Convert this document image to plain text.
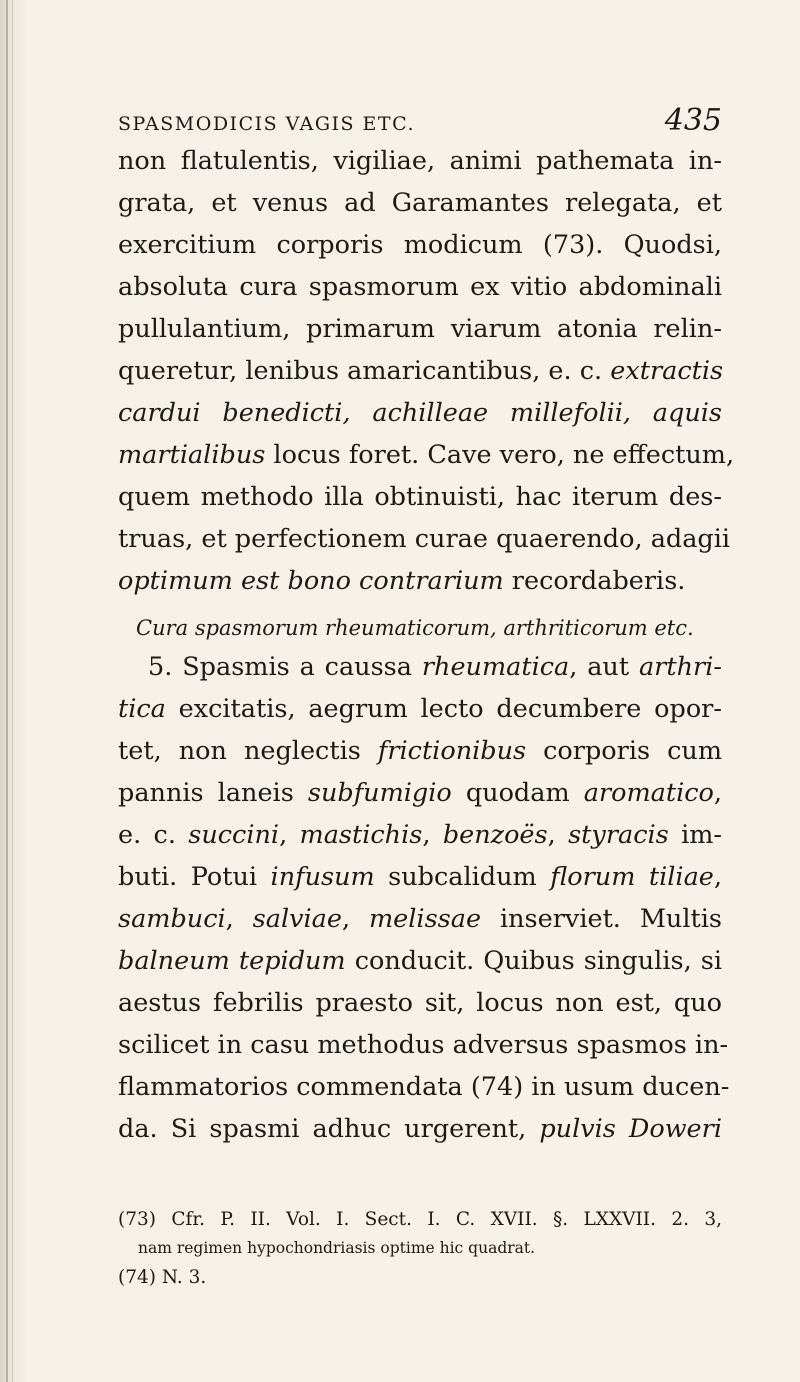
SPASMODICIS VAGIS ETC.	435
non flatulentis, vigiliae, animi pathemata in-
grata, et venus ad Garamantes relegata, et
exercitium corporis modicum (73). Quodsi,
absoluta cura spasmorum ex vitio abdominali
pullulantium, primarum viarum atonia relin-
queretur, lenibus amaricantibus, e. c. extractis
cardui benedicti, achilleae millefolii, aquis
martialibus locus foret. Cave vero, ne effectum,
quem methodo illa obtinuisti, hac iterum des-
truas, et perfectionem curae quaerendo, adagii
optimum est bono contrarium recordaberis.
Cura spasmorum rheumaticorum, arthriticorum etc.
5. Spasmis a caussa rheumatica, aut arthri-
tica excitatis, aegrum lecto decumbere opor-
tet, non neglectis frictionibus corporis cum
pannis laneis subfumigio quodam aromatico,
e. c. succini, mastichis, benzoës, styracis im-
buti. Potui infusum subcalidum florum tiliae,
sambuci, salviae, melissae inserviet. Multis
balneum tepidum conducit. Quibus singulis, si
aestus febrilis praesto sit, locus non est, quo
scilicet in casu methodus adversus spasmos in-
flammatorios commendata (74) in usum ducen-
da. Si spasmi adhuc urgerent, pulvis Doweri
(73) Cfr. P. II. Vol. I. Sect. I. C. XVII. §. LXXVII. 2. 3,
nam regimen hypochondriasis optime hic quadrat.
(74) N. 3.
